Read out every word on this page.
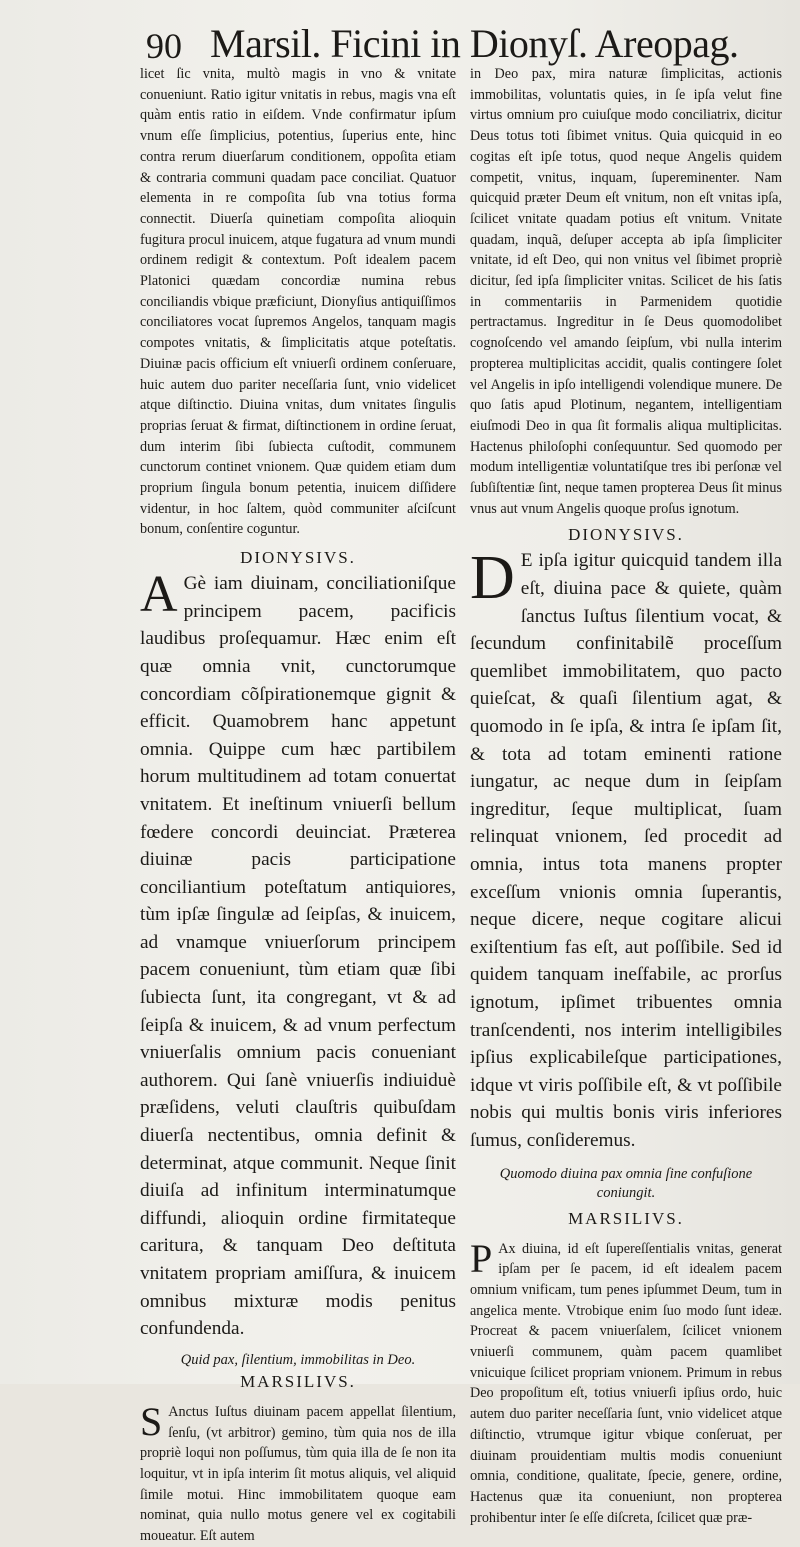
90 Marsil. Ficini in Dionyſ. Areopag.

licet ſic vnita, multò magis in vno & vnitate conueniunt. Ratio igitur vnitatis in rebus, magis vna eſt quàm entis ratio in eiſdem. Vnde confirmatur ipſum vnum eſſe ſimplicius, potentius, ſuperius ente, hinc contra rerum diuerſarum conditionem, oppoſita etiam & contraria communi quadam pace conciliat. Quatuor elementa in re compoſita ſub vna totius forma connectit. Diuerſa quinetiam compoſita alioquin fugitura procul inuicem, atque fugatura ad vnum mundi ordinem redigit & contextum. Poſt idealem pacem Platonici quædam concordiæ numina rebus conciliandis vbique præficiunt, Dionyſius antiquiſſimos conciliatores vocat ſupremos Angelos, tanquam magis compotes vnitatis, & ſimplicitatis atque poteſtatis. Diuinæ pacis officium eſt vniuerſi ordinem conſeruare, huic autem duo pariter neceſſaria ſunt, vnio videlicet atque diſtinctio. Diuina vnitas, dum vnitates ſingulis proprias ſeruat & firmat, diſtinctionem in ordine ſeruat, dum interim ſibi ſubiecta cuſtodit, communem cunctorum continet vnionem. Quæ quidem etiam dum proprium ſingula bonum petentia, inuicem diſſidere videntur, in hoc ſaltem, quòd communiter aſciſcunt bonum, conſentire coguntur.

DIONYSIVS.

A Gè iam diuinam, conciliationiſque principem pacem, pacificis laudibus proſequamur. Hæc enim eſt quæ omnia vnit, cunctorumque concordiam cõſpirationemque gignit & efficit. Quamobrem hanc appetunt omnia. Quippe cum hæc partibilem horum multitudinem ad totam conuertat vnitatem. Et ineſtinum vniuerſi bellum fœdere concordi deuinciat. Præterea diuinæ pacis participatione conciliantium poteſtatum antiquiores, tùm ipſæ ſingulæ ad ſeipſas, & inuicem, ad vnamque vniuerſorum principem pacem conueniunt, tùm etiam quæ ſibi ſubiecta ſunt, ita congregant, vt & ad ſeipſa & inuicem, & ad vnum perfectum vniuerſalis omnium pacis conueniant authorem. Qui ſanè vniuerſis indiuiduè præſidens, veluti clauſtris quibuſdam diuerſa nectentibus, omnia definit & determinat, atque communit. Neque ſinit diuiſa ad infinitum interminatumque diffundi, alioquin ordine firmitateque caritura, & tanquam Deo deſtituta vnitatem propriam amiſſura, & inuicem omnibus mixturæ modis penitus confundenda.

Quid pax, ſilentium, immobilitas in Deo.

MARSILIVS.

S Anctus Iuſtus diuinam pacem appellat ſilentium, ſenſu, (vt arbitror) gemino, tùm quia nos de illa propriè loqui non poſſumus, tùm quia illa de ſe non ita loquitur, vt in ipſa interim ſit motus aliquis, vel aliquid ſimile motui. Hinc immobilitatem quoque eam nominat, quia nullo motus genere vel ex cogitabili moueatur. Eſt autem

in Deo pax, mira naturæ ſimplicitas, actionis immobilitas, voluntatis quies, in ſe ipſa velut fine virtus omnium pro cuiuſque modo conciliatrix, dicitur Deus totus toti ſibimet vnitus. Quia quicquid in eo cogitas eſt ipſe totus, quod neque Angelis quidem competit, vnitus, inquam, ſupereminenter. Nam quicquid præter Deum eſt vnitum, non eſt vnitas ipſa, ſcilicet vnitate quadam potius eſt vnitum. Vnitate quadam, inquã, deſuper accepta ab ipſa ſimpliciter vnitate, id eſt Deo, qui non vnitus vel ſibimet propriè dicitur, ſed ipſa ſimpliciter vnitas. Scilicet de his ſatis in commentariis in Parmenidem quotidie pertractamus. Ingreditur in ſe Deus quomodolibet cognoſcendo vel amando ſeipſum, vbi nulla interim propterea multiplicitas accidit, qualis contingere ſolet vel Angelis in ipſo intelligendi volendique munere. De quo ſatis apud Plotinum, negantem, intelligentiam eiuſmodi Deo in qua ſit formalis aliqua multiplicitas. Hactenus philoſophi conſequuntur. Sed quomodo per modum intelligentiæ voluntatiſque tres ibi perſonæ vel ſubſiſtentiæ ſint, neque tamen propterea Deus ſit minus vnus aut vnum Angelis quoque proſus ignotum.

DIONYSIVS.

D E ipſa igitur quicquid tandem illa eſt, diuina pace & quiete, quàm ſanctus Iuſtus ſilentium vocat, & ſecundum confinitabilẽ proceſſum quemlibet immobilitatem, quo pacto quieſcat, & quaſi ſilentium agat, & quomodo in ſe ipſa, & intra ſe ipſam ſit, & tota ad totam eminenti ratione iungatur, ac neque dum in ſeipſam ingreditur, ſeque multiplicat, ſuam relinquat vnionem, ſed procedit ad omnia, intus tota manens propter exceſſum vnionis omnia ſuperantis, neque dicere, neque cogitare alicui exiſtentium fas eſt, aut poſſibile. Sed id quidem tanquam ineſfabile, ac prorſus ignotum, ipſimet tribuentes omnia tranſcendenti, nos interim intelligibiles ipſius explicabileſque participationes, idque vt viris poſſibile eſt, & vt poſſibile nobis qui multis bonis viris inferiores ſumus, conſideremus.

Quomodo diuina pax omnia ſine confuſione coniungit.

MARSILIVS.

P Ax diuina, id eſt ſupereſſentialis vnitas, generat ipſam per ſe pacem, id eſt idealem pacem omnium vnificam, tum penes ipſummet Deum, tum in angelica mente. Vtrobique enim ſuo modo ſunt ideæ. Procreat & pacem vniuerſalem, ſcilicet vnionem vniuerſi communem, quàm pacem quamlibet vnicuique ſcilicet propriam vnionem. Primum in rebus Deo propoſitum eſt, totius vniuerſi ipſius ordo, huic autem duo pariter neceſſaria ſunt, vnio videlicet atque diſtinctio, vtrumque igitur vbique conſeruat, per diuinam prouidentiam multis modis conueniunt omnia, conditione, qualitate, ſpecie, genere, ordine, Hactenus quæ ita conueniunt, non propterea prohibentur inter ſe eſſe diſcreta, ſcilicet quæ præ-
